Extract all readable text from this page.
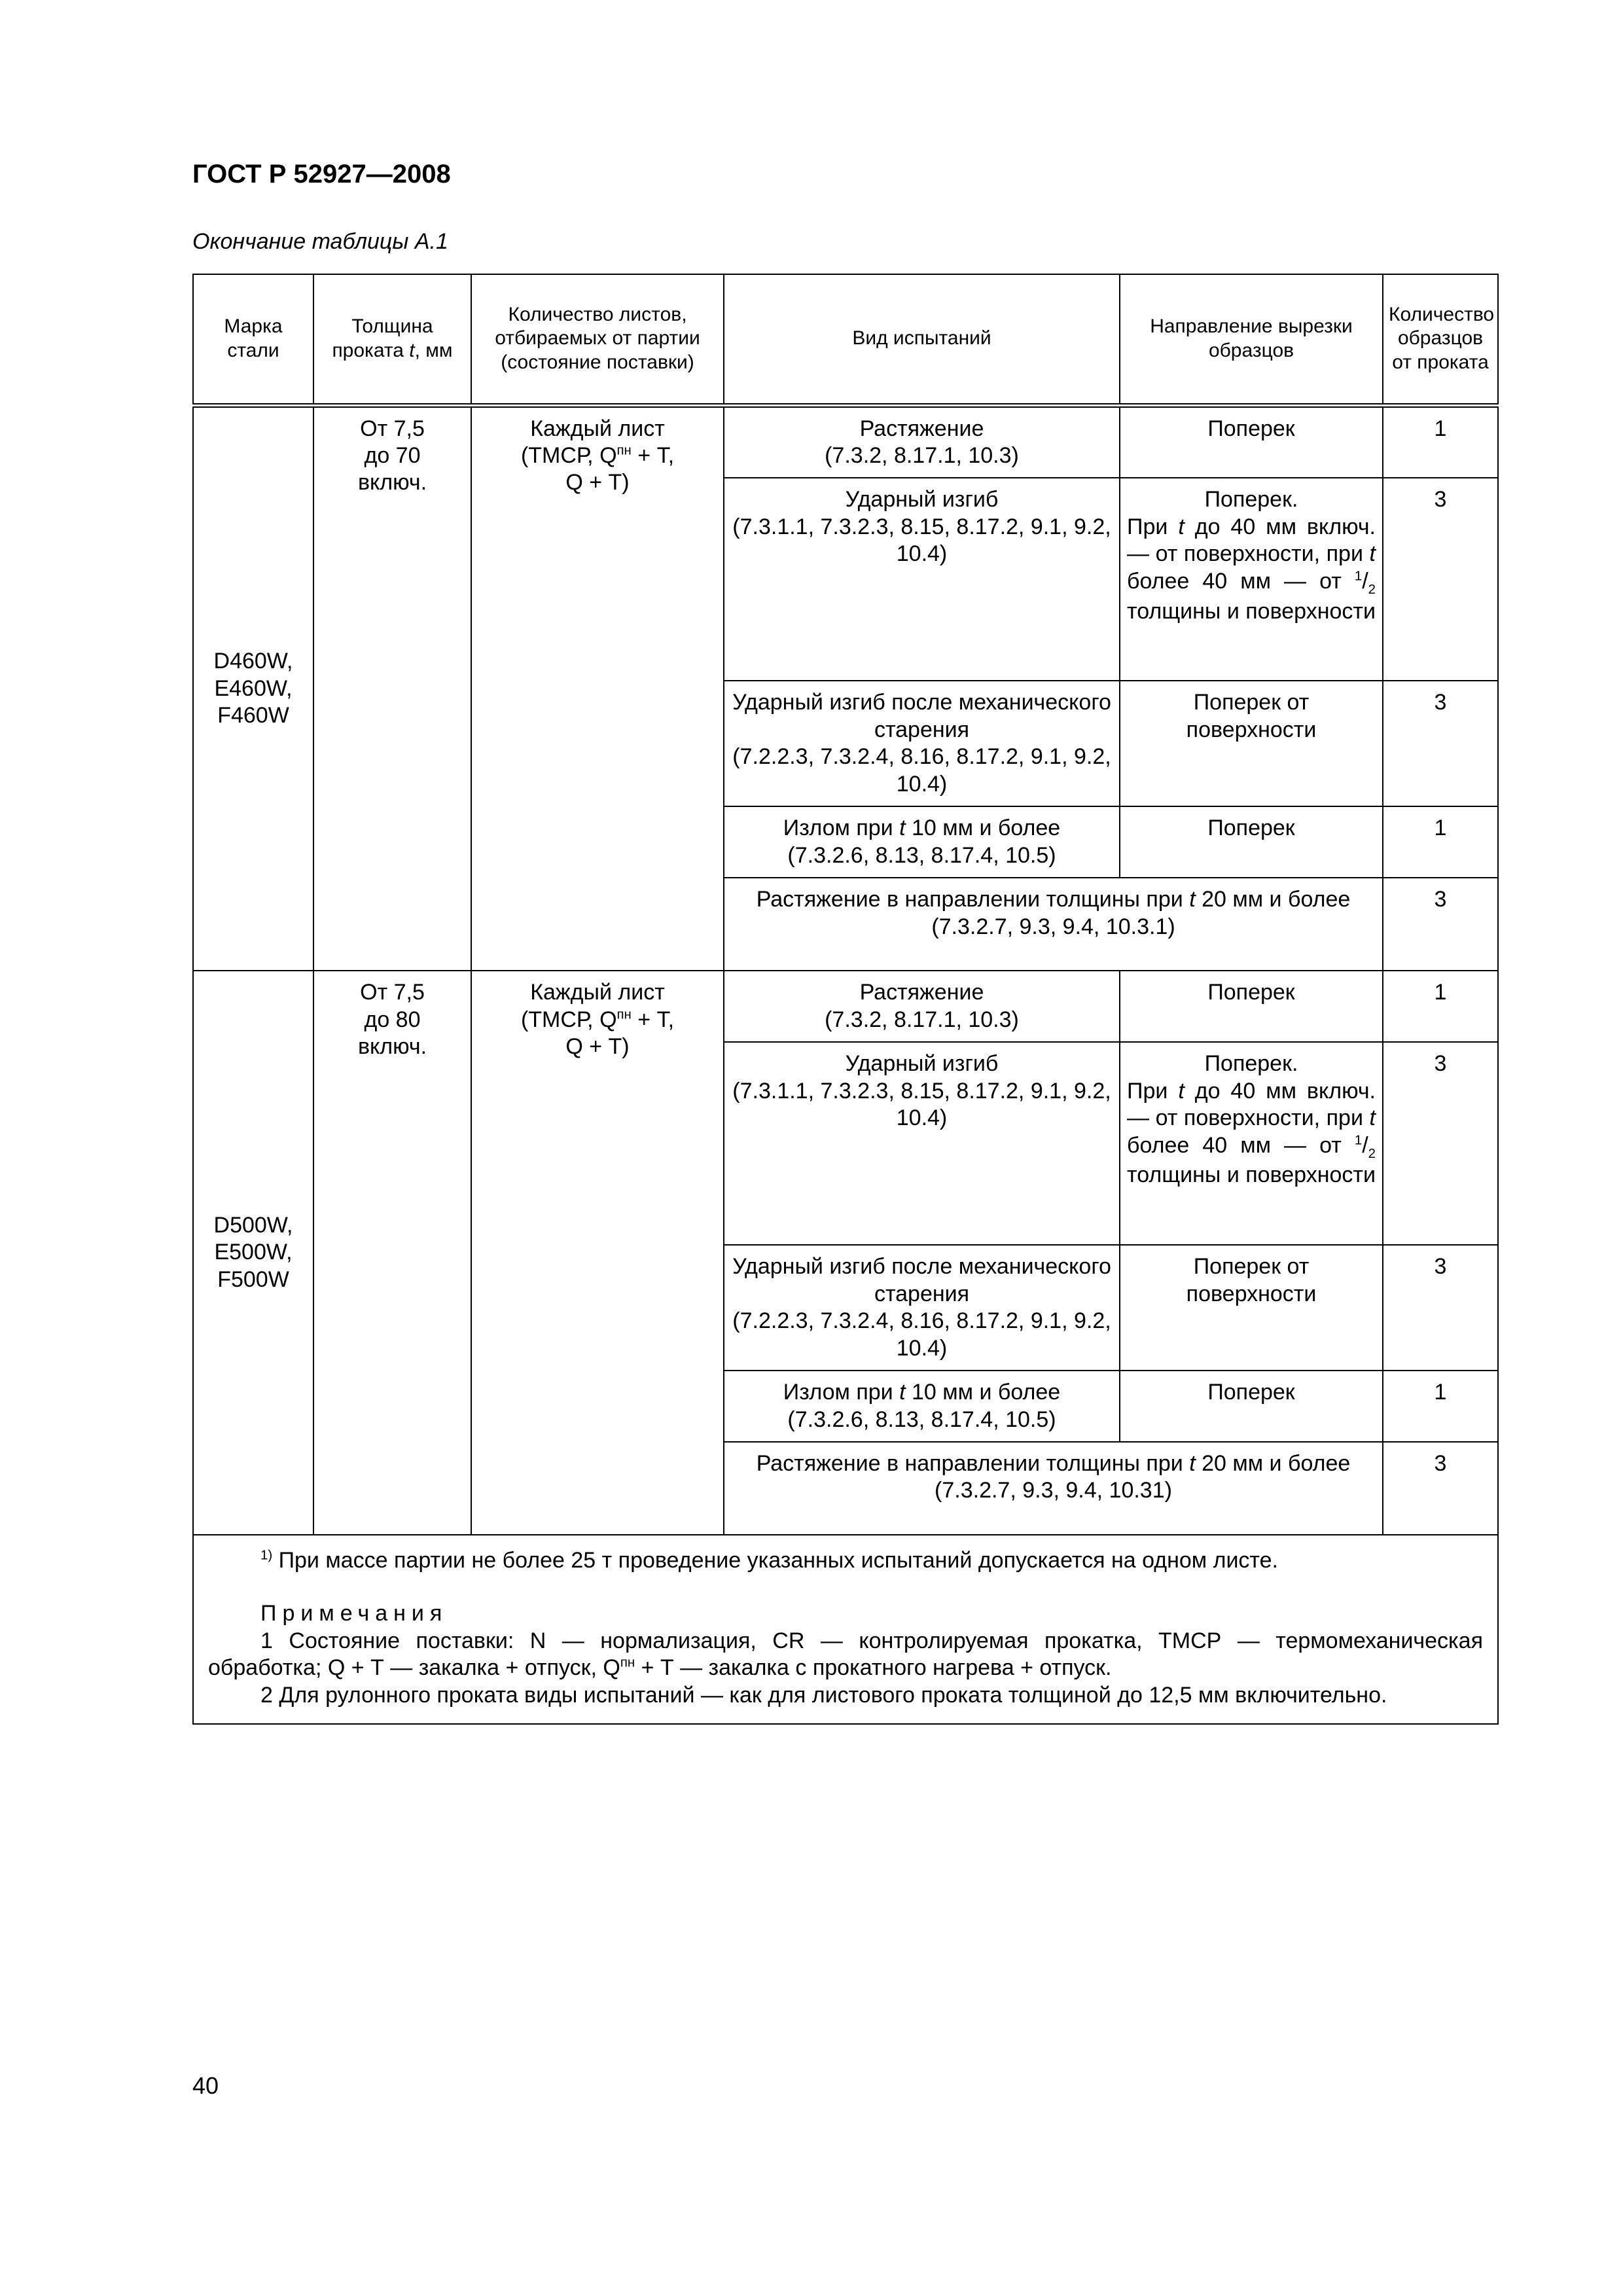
ГОСТ Р 52927—2008
Окончание таблицы А.1
Марка стали	Толщина проката t, мм	Количество листов, отбираемых от партии (состояние поставки)	Вид испытаний	Направление вырезки образцов	Количество образцов от проката

D460W,
E460W,
F460W	От 7,5
до 70
включ.	Каждый лист
(ТМСР, $Q^{пн} + Т$,
Q + Т)	Растяжение
(7.3.2, 8.17.1, 10.3)	Поперек	1

			Ударный изгиб
(7.3.1.1, 7.3.2.3, 8.15, 8.17.2, 9.1, 9.2, 10.4)	Поперек.
При t до 40 мм включ. — от поверхности, при t более 40 мм — от $^1/_2$ толщины и поверхности	3

			Ударный изгиб после механического старения
(7.2.2.3, 7.3.2.4, 8.16, 8.17.2, 9.1, 9.2, 10.4)	Поперек от поверхности	3

			Излом при t 10 мм и более
(7.3.2.6, 8.13, 8.17.4, 10.5)	Поперек	1

			Растяжение в направлении толщины при t 20 мм и более
(7.3.2.7, 9.3, 9.4, 10.3.1)		3

D500W,
E500W,
F500W	От 7,5
до 80
включ.	Каждый лист
(ТМСР, $Q^{пн} + Т$,
Q + Т)	Растяжение
(7.3.2, 8.17.1, 10.3)	Поперек	1

			Ударный изгиб
(7.3.1.1, 7.3.2.3, 8.15, 8.17.2, 9.1, 9.2, 10.4)	Поперек.
При t до 40 мм включ. — от поверхности, при t более 40 мм — от $^1/_2$ толщины и поверхности	3

			Ударный изгиб после механического старения
(7.2.2.3, 7.3.2.4, 8.16, 8.17.2, 9.1, 9.2, 10.4)	Поперек от поверхности	3

			Излом при t 10 мм и более
(7.3.2.6, 8.13, 8.17.4, 10.5)	Поперек	1

			Растяжение в направлении толщины при t 20 мм и более
(7.3.2.7, 9.3, 9.4, 10.31)		3

$^{1)}$ При массе партии не более 25 т проведение указанных испытаний допускается на одном листе.

Примечания

1 Состояние поставки: N — нормализация, CR — контролируемая прокатка, ТМСР — термомеханическая обработка; Q + Т — закалка + отпуск, $Q^{пн} + Т$ — закалка с прокатного нагрева + отпуск.

2 Для рулонного проката виды испытаний — как для листового проката толщиной до 12,5 мм включительно.					

40
